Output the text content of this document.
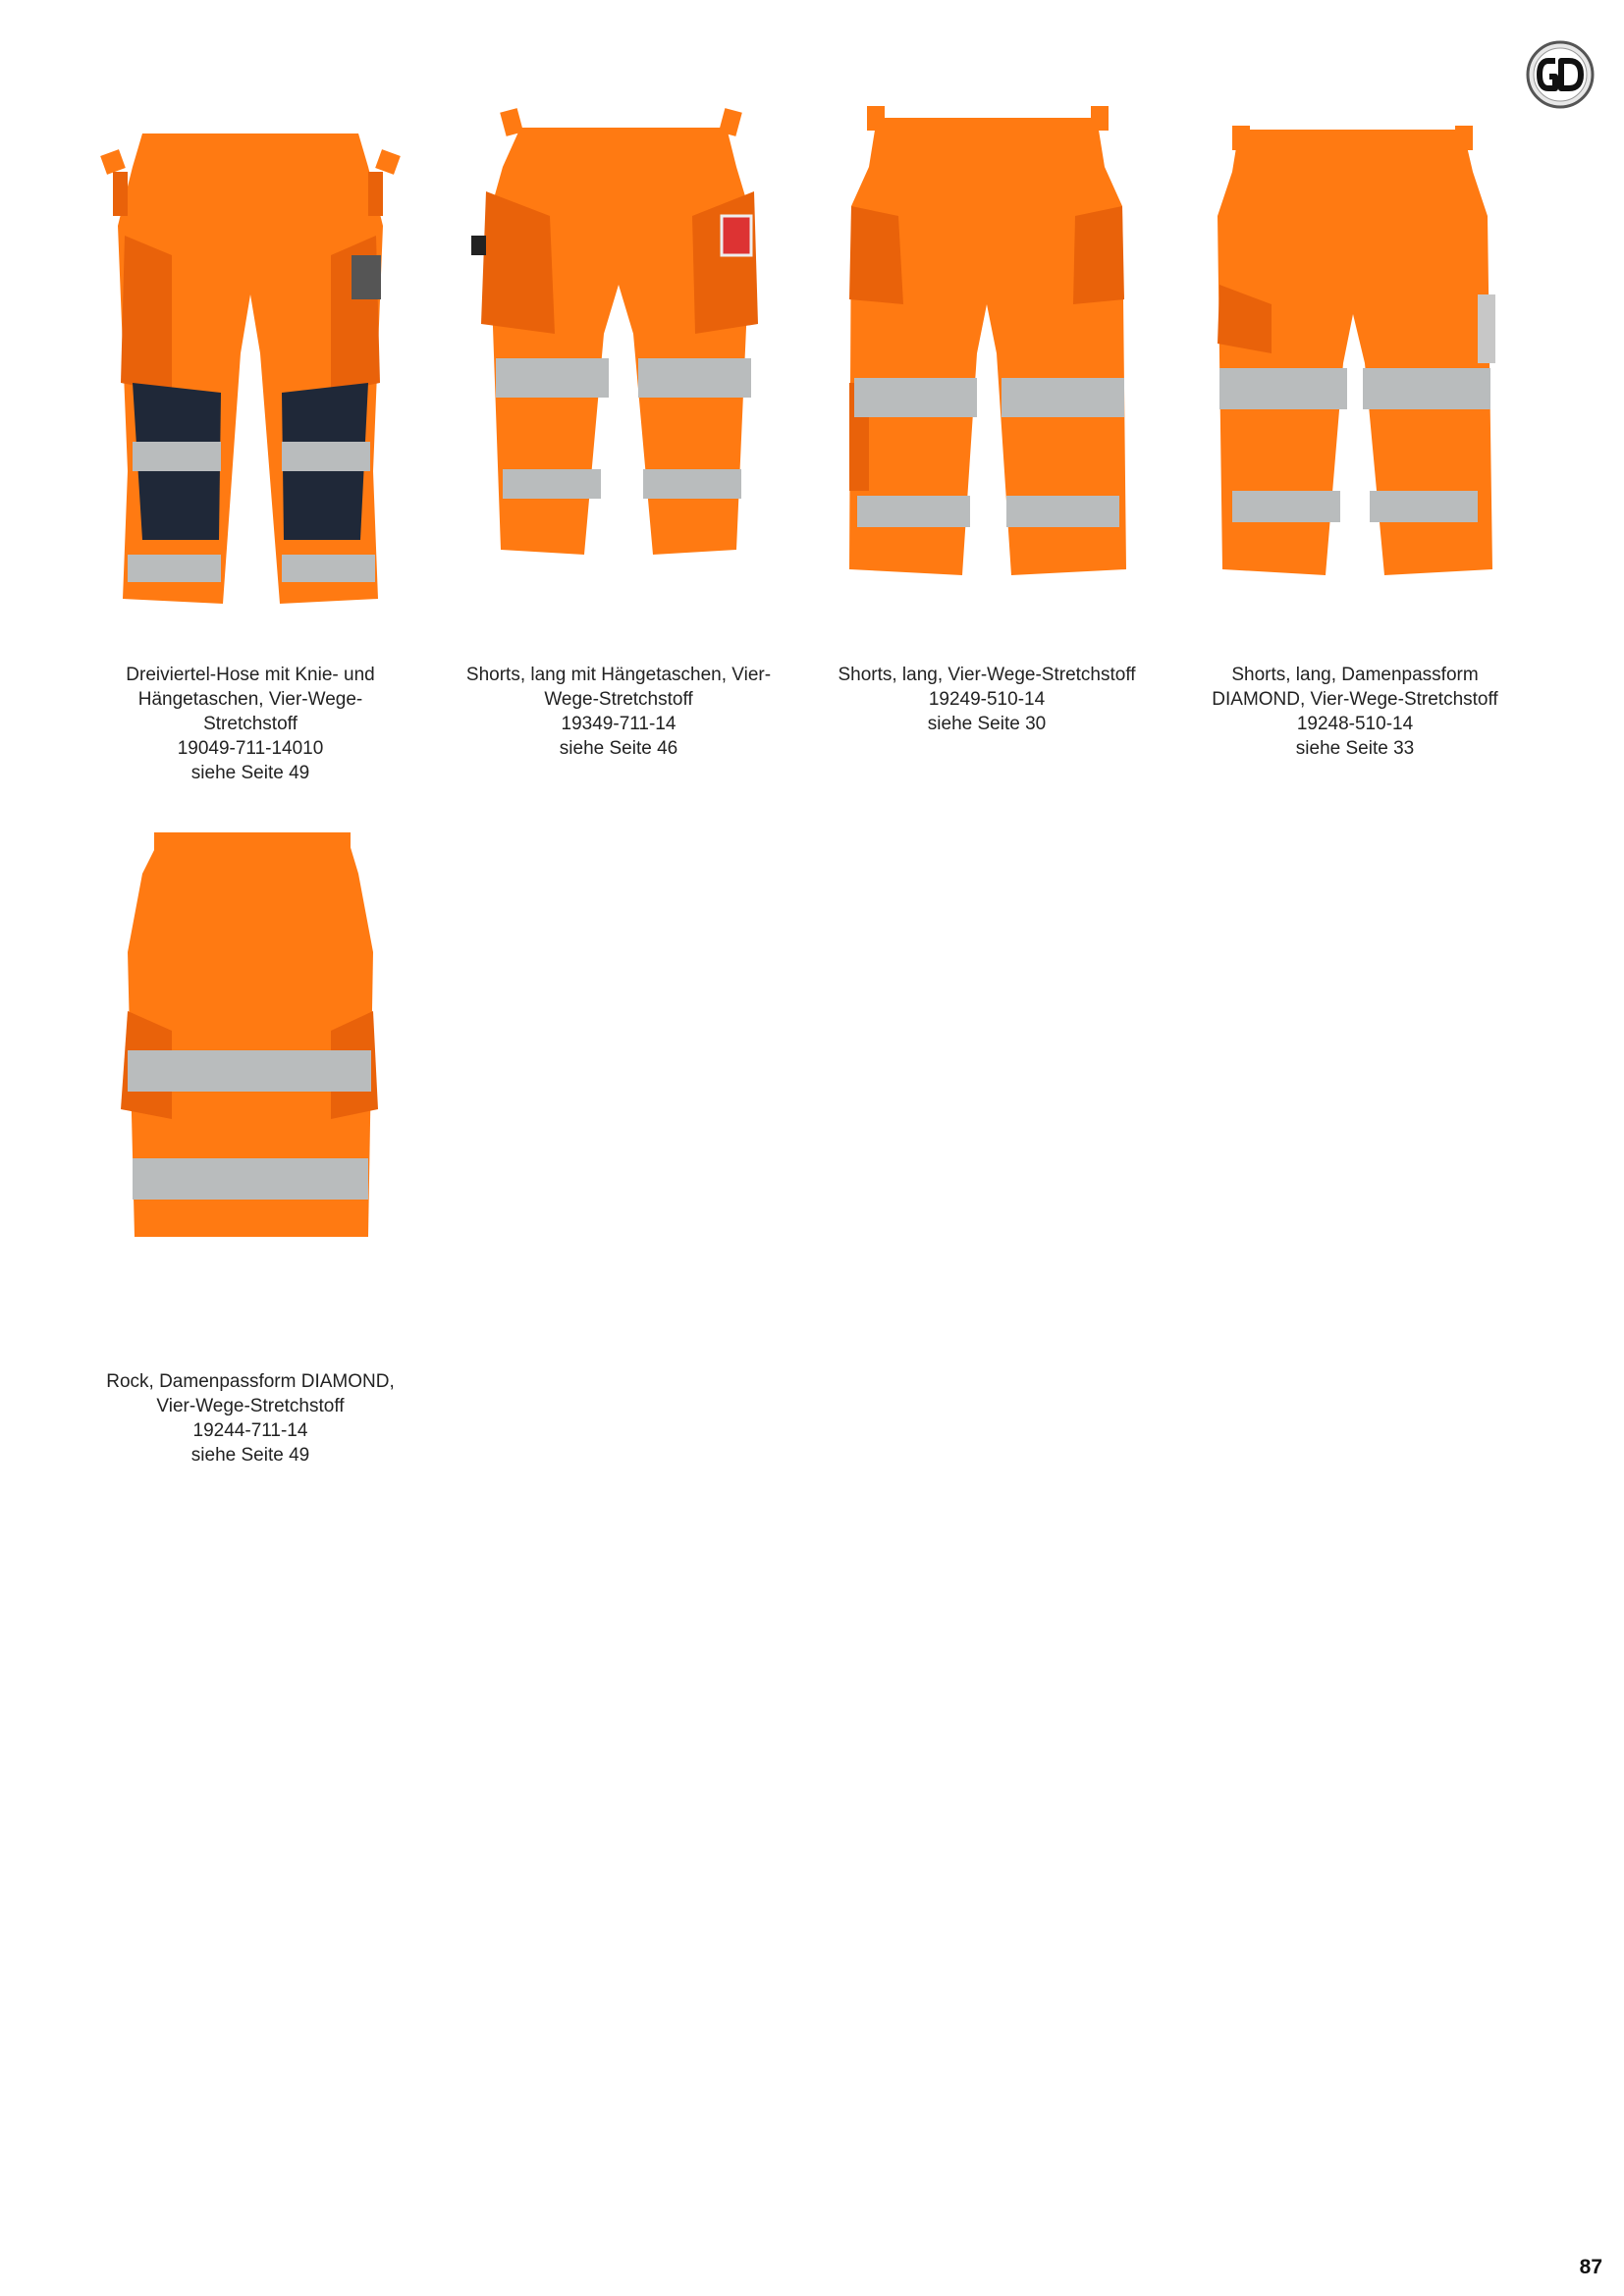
Dreiviertel-Hose mit Knie- und
Hängetaschen, Vier-Wege-
Stretchstoff
19049-711-14010
siehe Seite 49
Shorts, lang mit Hängetaschen, Vier-
Wege-Stretchstoff
19349-711-14
siehe Seite 46
Shorts, lang, Vier-Wege-Stretchstoff
19249-510-14
siehe Seite 30
Shorts, lang, Damenpassform
DIAMOND, Vier-Wege-Stretchstoff
19248-510-14
siehe Seite 33
Rock, Damenpassform DIAMOND,
Vier-Wege-Stretchstoff
19244-711-14
siehe Seite 49
87
